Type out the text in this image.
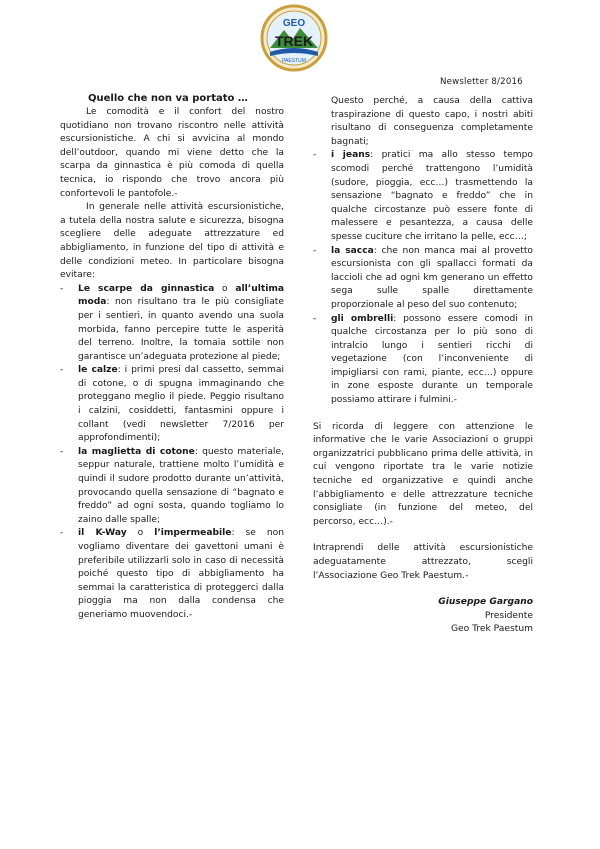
GEO
TREK
PAESTUM
Newsletter 8/2016
Quello che non va portato …

Le comodità e il confort del nostro quotidiano non trovano riscontro nelle attività escursionistiche. A chi si avvicina al mondo dell’outdoor, quando mi viene detto che la scarpa da ginnastica è più comoda di quella tecnica, io rispondo che trovo ancora più confortevoli le pantofole.-

In generale nelle attività escursionistiche, a tutela della nostra salute e sicurezza, bisogna scegliere delle adeguate attrezzature ed abbigliamento, in funzione del tipo di attività e delle condizioni meteo. In particolare bisogna evitare:

- Le scarpe da ginnastica o all’ultima moda: non risultano tra le più consigliate per i sentieri, in quanto avendo una suola morbida, fanno percepire tutte le asperità del terreno. Inoltre, la tomaia sottile non garantisce un’adeguata protezione al piede;
- le calze: i primi presi dal cassetto, semmai di cotone, o di spugna immaginando che proteggano meglio il piede. Peggio risultano i calzini, cosiddetti, fantasmini oppure i collant (vedi newsletter 7/2016 per approfondimenti);
- la maglietta di cotone: questo materiale, seppur naturale, trattiene molto l’umidità e quindi il sudore prodotto durante un’attività, provocando quella sensazione di “bagnato e freddo” ad ogni sosta, quando togliamo lo zaino dalle spalle;
- il K-Way o l’impermeabile: se non vogliamo diventare dei gavettoni umani è preferibile utilizzarli solo in caso di necessità poiché questo tipo di abbigliamento ha semmai la caratteristica di proteggerci dalla pioggia ma non dalla condensa che generiamo muovendoci.-

Questo perché, a causa della cattiva traspirazione di questo capo, i nostri abiti risultano di conseguenza completamente bagnati;

- i jeans: pratici ma allo stesso tempo scomodi perché trattengono l’umidità (sudore, pioggia, ecc…) trasmettendo la sensazione “bagnato e freddo” che in qualche circostanze può essere fonte di malessere e pesantezza, a causa delle spesse cuciture che irritano la pelle, ecc…;
- la sacca: che non manca mai al provetto escursionista con gli spallacci formati da laccioli che ad ogni km generano un effetto sega sulle spalle direttamente proporzionale al peso del suo contenuto;
- gli ombrelli: possono essere comodi in qualche circostanza per lo più sono di intralcio lungo i sentieri ricchi di vegetazione (con l’inconveniente di impigliarsi con rami, piante, ecc…) oppure in zone esposte durante un temporale possiamo attirare i fulmini.-

Si ricorda di leggere con attenzione le informative che le varie Associazioni o gruppi organizzatrici pubblicano prima delle attività, in cui vengono riportate tra le varie notizie tecniche ed organizzative e quindi anche l’abbigliamento e delle attrezzature tecniche consigliate (in funzione del meteo, del percorso, ecc…).-

Intraprendi delle attività escursionistiche adeguatamente attrezzato, scegli l’Associazione Geo Trek Paestum.-

Giuseppe Gargano
Presidente
Geo Trek Paestum
